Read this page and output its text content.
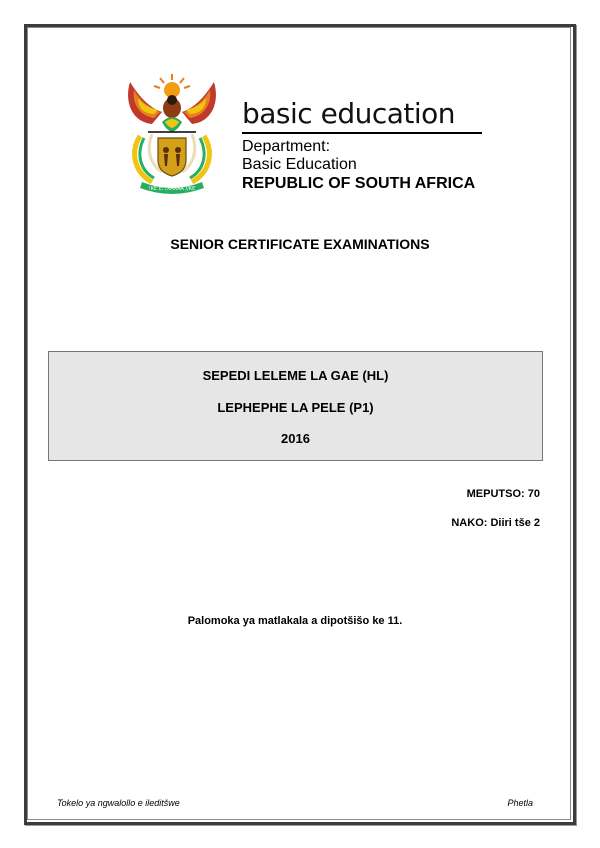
!KE E: /XARRA //KE
basic education
Department:
Basic Education
REPUBLIC OF SOUTH AFRICA
SENIOR CERTIFICATE EXAMINATIONS
SEPEDI LELEME LA GAE (HL)
LEPHEPHE LA PELE (P1)
2016
MEPUTSO: 70
NAKO: Diiri tše 2
Palomoka ya matlakala a dipotšišo ke 11.
Tokelo ya ngwalollo e ileditšwe	Phetla
